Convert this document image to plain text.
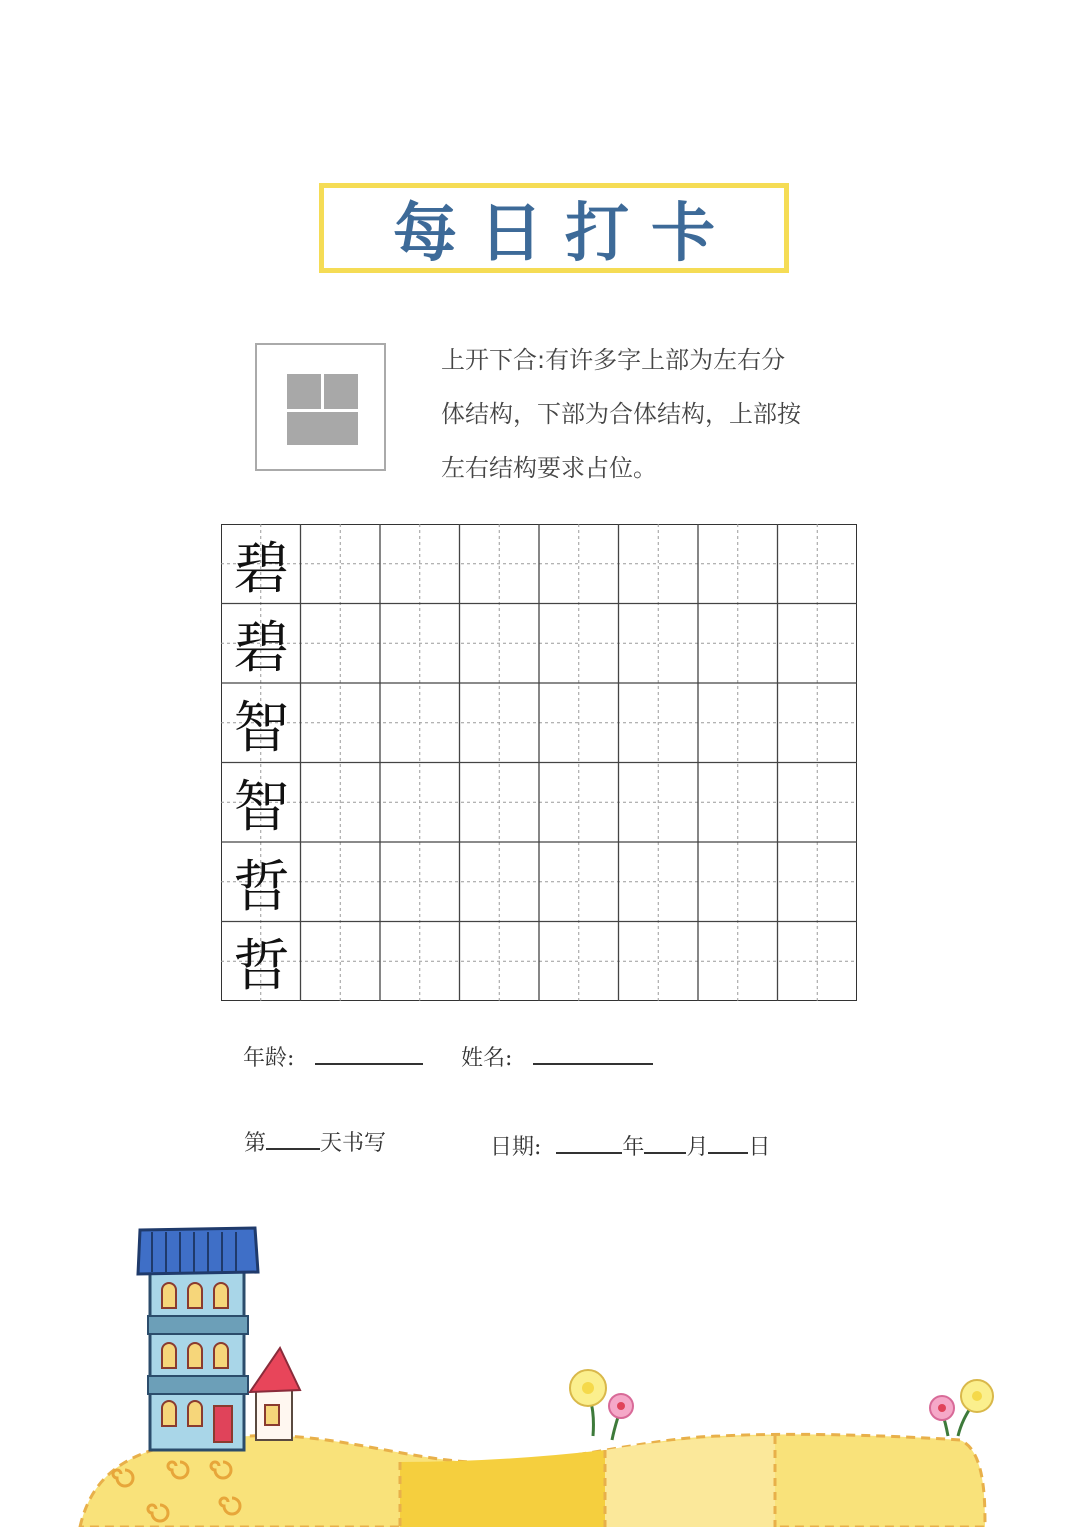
每日打卡
上开下合:有许多字上部为左右分
体结构，下部为合体结构，上部按
左右结构要求占位。
碧
碧
智
智
哲
哲
年龄:	姓名:
第 天书写	日期:	年 月 日
